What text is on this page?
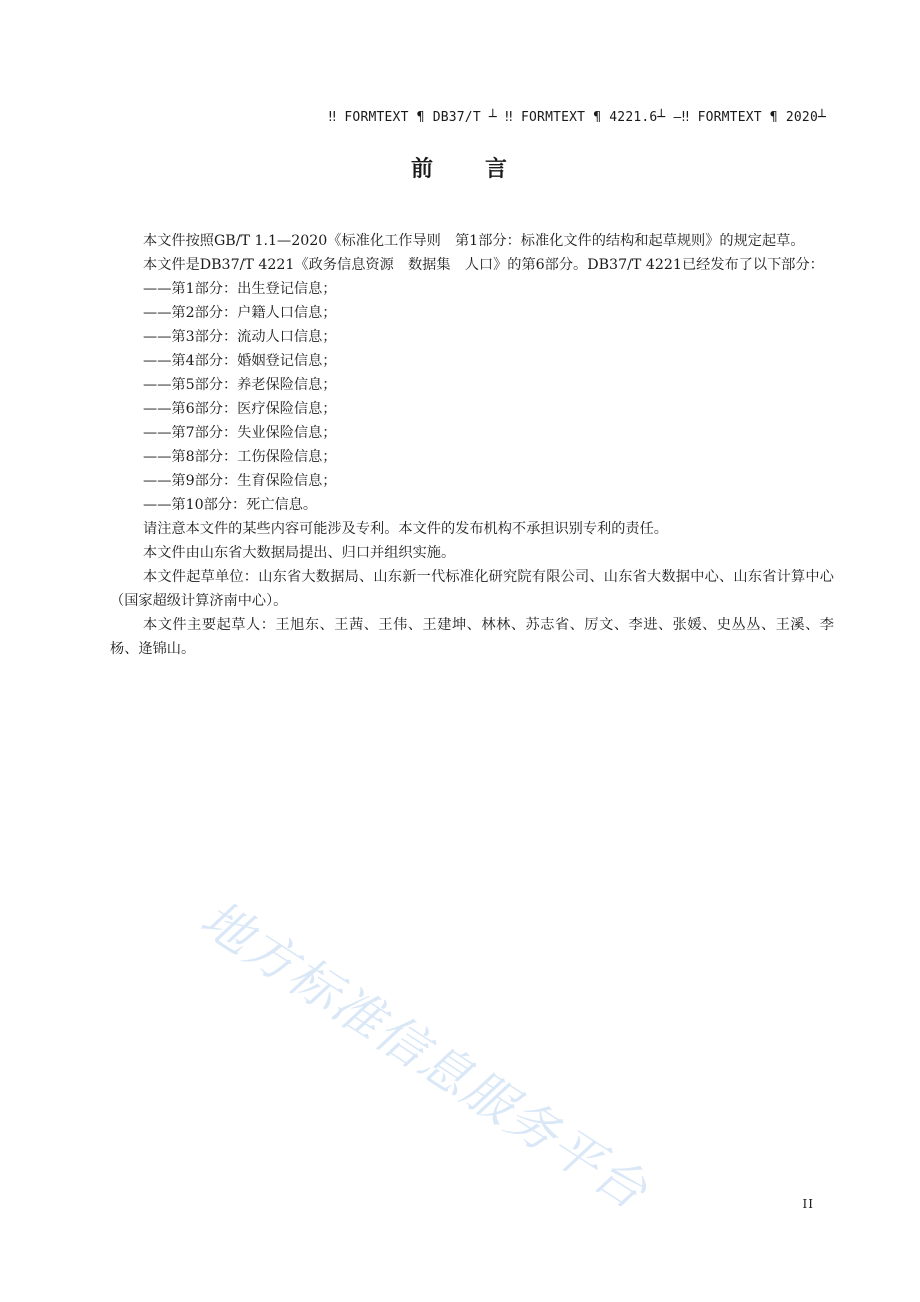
‼ FORMTEXT ¶ DB37/T ┴ ‼ FORMTEXT ¶ 4221.6┴ —‼ FORMTEXT ¶ 2020┴
前 言

本文件按照GB/T 1.1—2020《标准化工作导则　第1部分：标准化文件的结构和起草规则》的规定起草。

本文件是DB37/T 4221《政务信息资源　数据集　人口》的第6部分。DB37/T 4221已经发布了以下部分：

——第1部分：出生登记信息；
——第2部分：户籍人口信息；
——第3部分：流动人口信息；
——第4部分：婚姻登记信息；
——第5部分：养老保险信息；
——第6部分：医疗保险信息；
——第7部分：失业保险信息；
——第8部分：工伤保险信息；
——第9部分：生育保险信息；
——第10部分：死亡信息。

请注意本文件的某些内容可能涉及专利。本文件的发布机构不承担识别专利的责任。

本文件由山东省大数据局提出、归口并组织实施。

本文件起草单位：山东省大数据局、山东新一代标准化研究院有限公司、山东省大数据中心、山东省计算中心（国家超级计算济南中心）。

本文件主要起草人：王旭东、王茜、王伟、王建坤、林林、苏志省、厉文、李进、张媛、史丛丛、王溪、李杨、逄锦山。

地方标准信息服务平台	II
